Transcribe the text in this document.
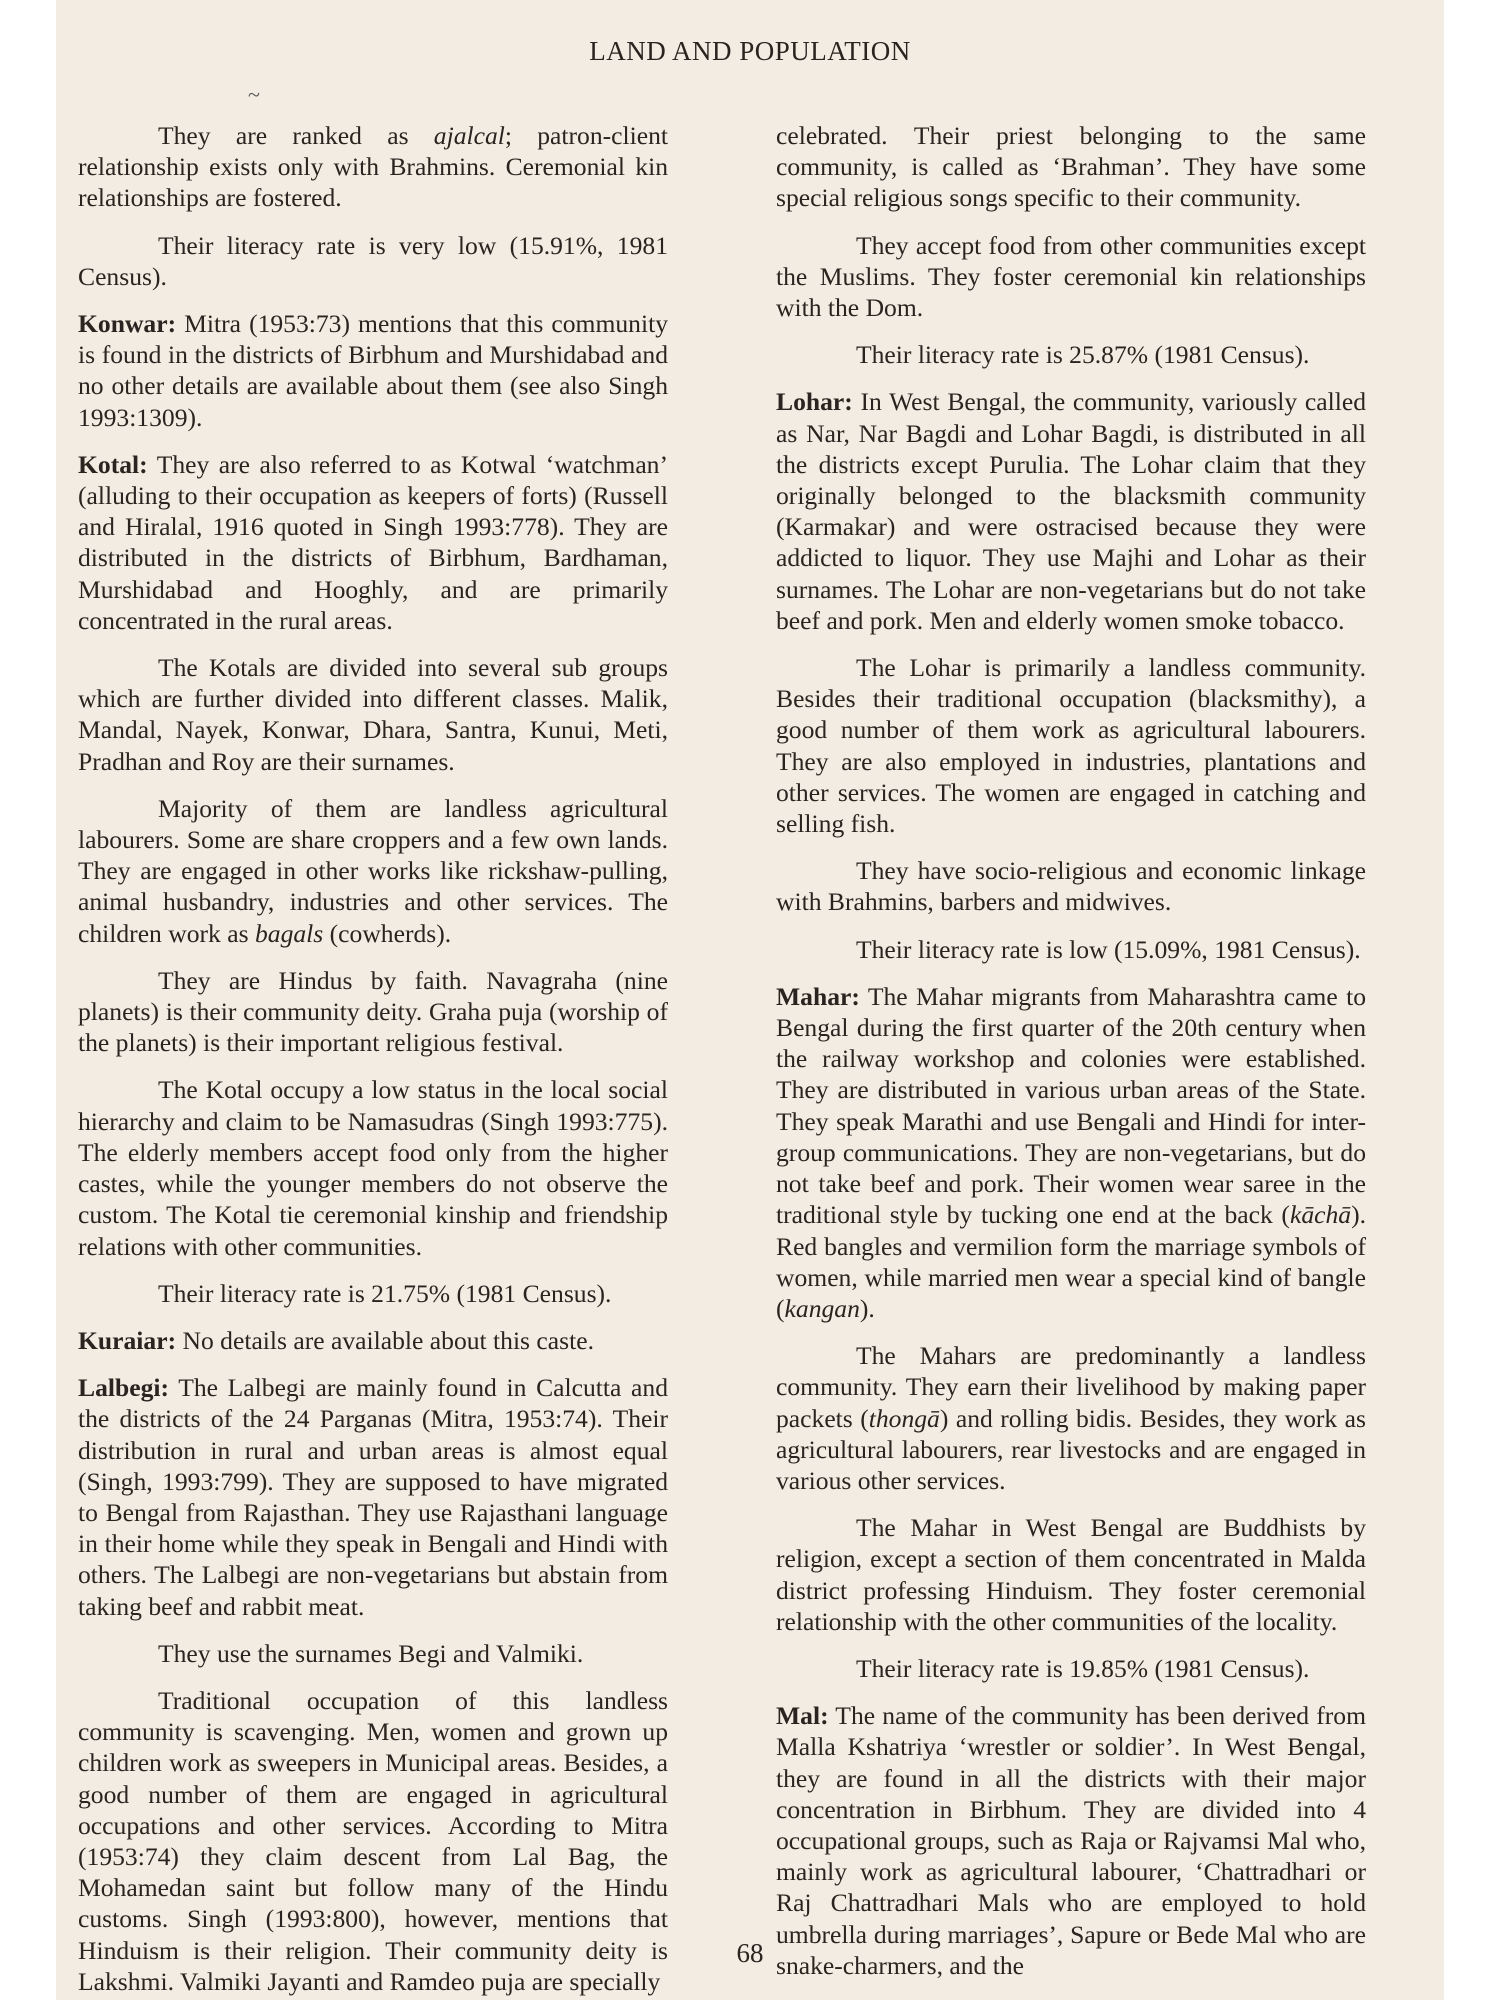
LAND AND POPULATION
~

They are ranked as ajalcal; patron-client relationship exists only with Brahmins. Ceremonial kin relationships are fostered.

Their literacy rate is very low (15.91%, 1981 Census).

Konwar: Mitra (1953:73) mentions that this community is found in the districts of Birbhum and Murshidabad and no other details are available about them (see also Singh 1993:1309).

Kotal: They are also referred to as Kotwal ‘watchman’ (alluding to their occupation as keepers of forts) (Russell and Hiralal, 1916 quoted in Singh 1993:778). They are distributed in the districts of Birbhum, Bardhaman, Murshidabad and Hooghly, and are primarily concentrated in the rural areas.

The Kotals are divided into several sub groups which are further divided into different classes. Malik, Mandal, Nayek, Konwar, Dhara, Santra, Kunui, Meti, Pradhan and Roy are their surnames.

Majority of them are landless agricultural labourers. Some are share croppers and a few own lands. They are engaged in other works like rickshaw-pulling, animal husbandry, industries and other services. The children work as bagals (cowherds).

They are Hindus by faith. Navagraha (nine planets) is their community deity. Graha puja (worship of the planets) is their important religious festival.

The Kotal occupy a low status in the local social hierarchy and claim to be Namasudras (Singh 1993:775). The elderly members accept food only from the higher castes, while the younger members do not observe the custom. The Kotal tie ceremonial kinship and friendship relations with other communities.

Their literacy rate is 21.75% (1981 Census).

Kuraiar: No details are available about this caste.

Lalbegi: The Lalbegi are mainly found in Calcutta and the districts of the 24 Parganas (Mitra, 1953:74). Their distribution in rural and urban areas is almost equal (Singh, 1993:799). They are supposed to have migrated to Bengal from Rajasthan. They use Rajasthani language in their home while they speak in Bengali and Hindi with others. The Lalbegi are non-vegetarians but abstain from taking beef and rabbit meat.

They use the surnames Begi and Valmiki.

Traditional occupation of this landless community is scavenging. Men, women and grown up children work as sweepers in Municipal areas. Besides, a good number of them are engaged in agricultural occupations and other services. According to Mitra (1953:74) they claim descent from Lal Bag, the Mohamedan saint but follow many of the Hindu customs. Singh (1993:800), however, mentions that Hinduism is their religion. Their community deity is Lakshmi. Valmiki Jayanti and Ramdeo puja are specially

celebrated. Their priest belonging to the same community, is called as ‘Brahman’. They have some special religious songs specific to their community.

They accept food from other communities except the Muslims. They foster ceremonial kin relationships with the Dom.

Their literacy rate is 25.87% (1981 Census).

Lohar: In West Bengal, the community, variously called as Nar, Nar Bagdi and Lohar Bagdi, is distributed in all the districts except Purulia. The Lohar claim that they originally belonged to the blacksmith community (Karmakar) and were ostracised because they were addicted to liquor. They use Majhi and Lohar as their surnames. The Lohar are non-vegetarians but do not take beef and pork. Men and elderly women smoke tobacco.

The Lohar is primarily a landless community. Besides their traditional occupation (blacksmithy), a good number of them work as agricultural labourers. They are also employed in industries, plantations and other services. The women are engaged in catching and selling fish.

They have socio-religious and economic linkage with Brahmins, barbers and midwives.

Their literacy rate is low (15.09%, 1981 Census).

Mahar: The Mahar migrants from Maharashtra came to Bengal during the first quarter of the 20th century when the railway workshop and colonies were established. They are distributed in various urban areas of the State. They speak Marathi and use Bengali and Hindi for inter-group communications. They are non-vegetarians, but do not take beef and pork. Their women wear saree in the traditional style by tucking one end at the back (kāchā). Red bangles and vermilion form the marriage symbols of women, while married men wear a special kind of bangle (kangan).

The Mahars are predominantly a landless community. They earn their livelihood by making paper packets (thongā) and rolling bidis. Besides, they work as agricultural labourers, rear livestocks and are engaged in various other services.

The Mahar in West Bengal are Buddhists by religion, except a section of them concentrated in Malda district professing Hinduism. They foster ceremonial relationship with the other communities of the locality.

Their literacy rate is 19.85% (1981 Census).

Mal: The name of the community has been derived from Malla Kshatriya ‘wrestler or soldier’. In West Bengal, they are found in all the districts with their major concentration in Birbhum. They are divided into 4 occupational groups, such as Raja or Rajvamsi Mal who, mainly work as agricultural labourer, ‘Chattradhari or Raj Chattradhari Mals who are employed to hold umbrella during marriages’, Sapure or Bede Mal who are snake-charmers, and the

68
